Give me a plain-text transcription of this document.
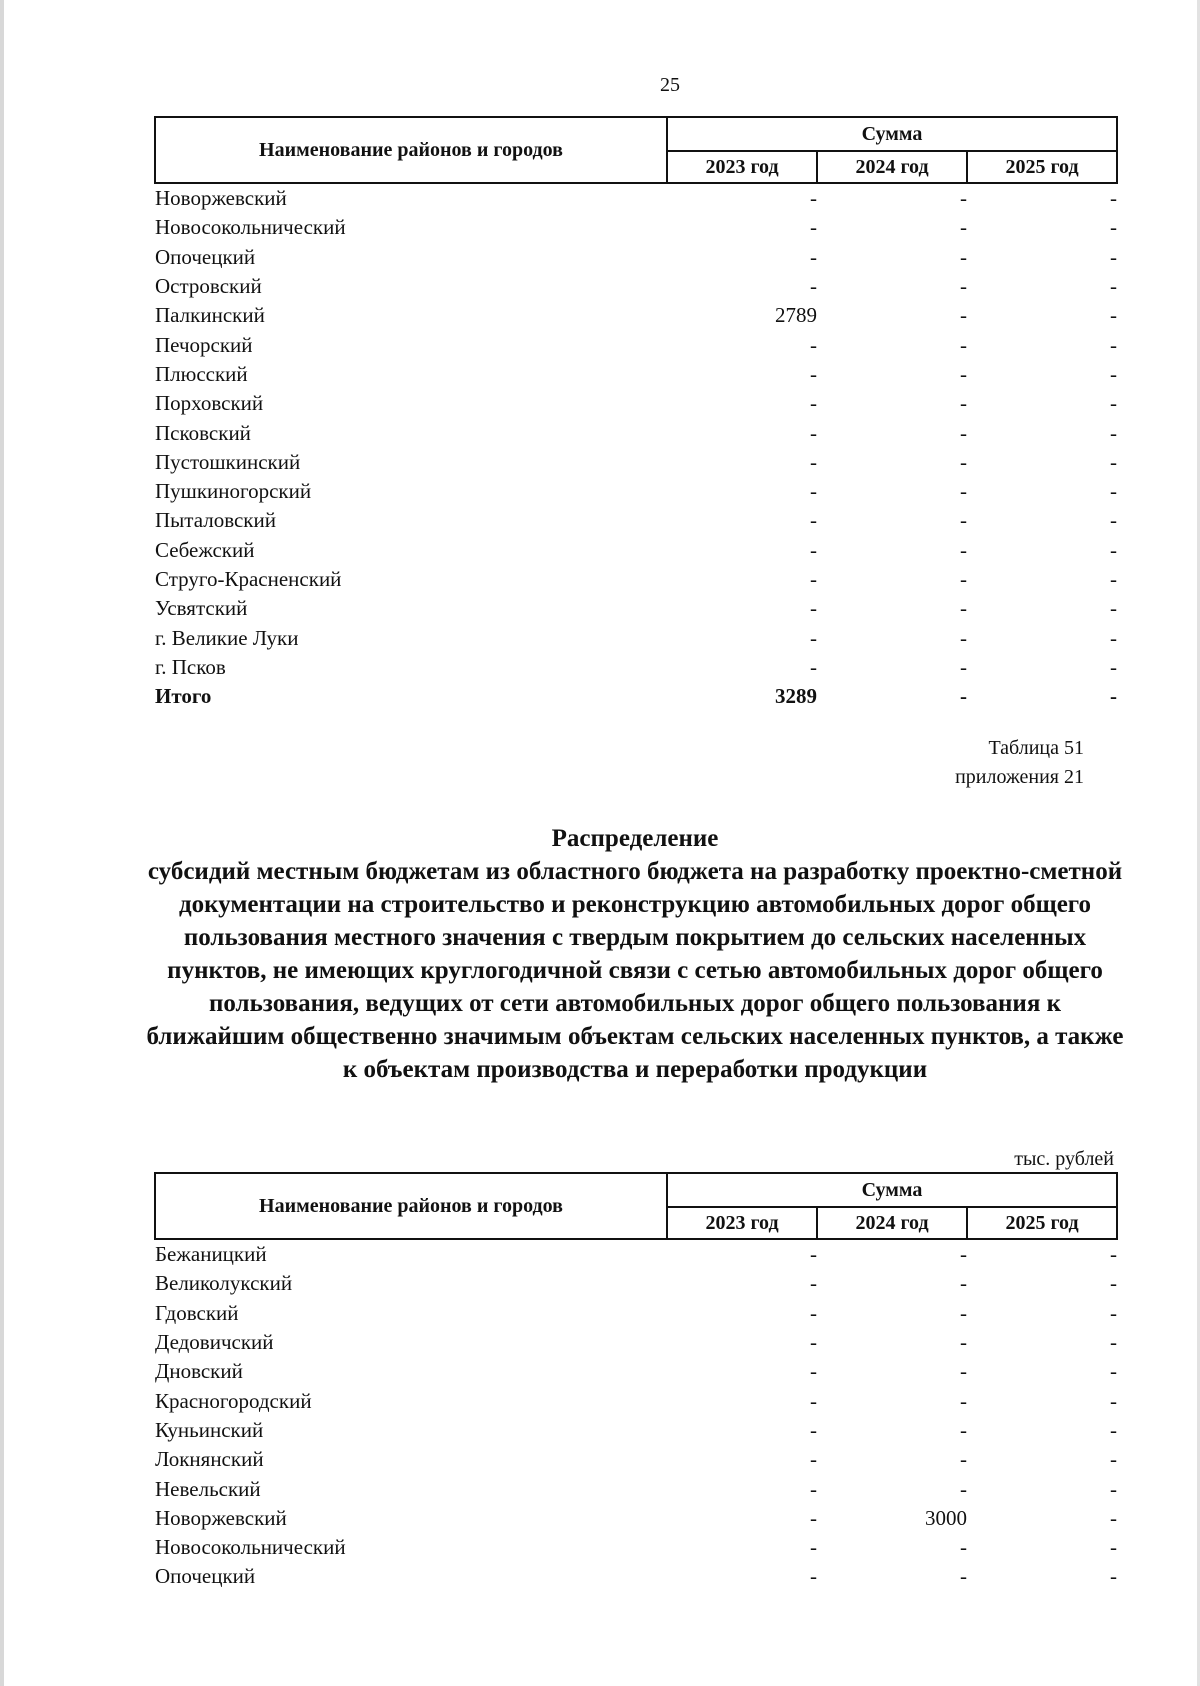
25
Наименование районов и городов	Сумма		
	2023 год	2024 год	2025 год
Новоржевский	-	-	-
Новосокольнический	-	-	-
Опочецкий	-	-	-
Островский	-	-	-
Палкинский	2789	-	-
Печорский	-	-	-
Плюсский	-	-	-
Порховский	-	-	-
Псковский	-	-	-
Пустошкинский	-	-	-
Пушкиногорский	-	-	-
Пыталовский	-	-	-
Себежский	-	-	-
Струго-Красненский	-	-	-
Усвятский	-	-	-
г. Великие Луки	-	-	-
г. Псков	-	-	-
Итого	3289	-	-
Таблица 51
приложения 21
Распределение
субсидий местным бюджетам из областного бюджета на разработку проектно-сметной документации на строительство и реконструкцию автомобильных дорог общего пользования местного значения с твердым покрытием до сельских населенных пунктов, не имеющих круглогодичной связи с сетью автомобильных дорог общего пользования, ведущих от сети автомобильных дорог общего пользования к ближайшим общественно значимым объектам сельских населенных пунктов, а также к объектам производства и переработки продукции
тыс. рублей
Наименование районов и городов	Сумма		
	2023 год	2024 год	2025 год
Бежаницкий	-	-	-
Великолукский	-	-	-
Гдовский	-	-	-
Дедовичский	-	-	-
Дновский	-	-	-
Красногородский	-	-	-
Куньинский	-	-	-
Локнянский	-	-	-
Невельский	-	-	-
Новоржевский	-	3000	-
Новосокольнический	-	-	-
Опочецкий	-	-	-
